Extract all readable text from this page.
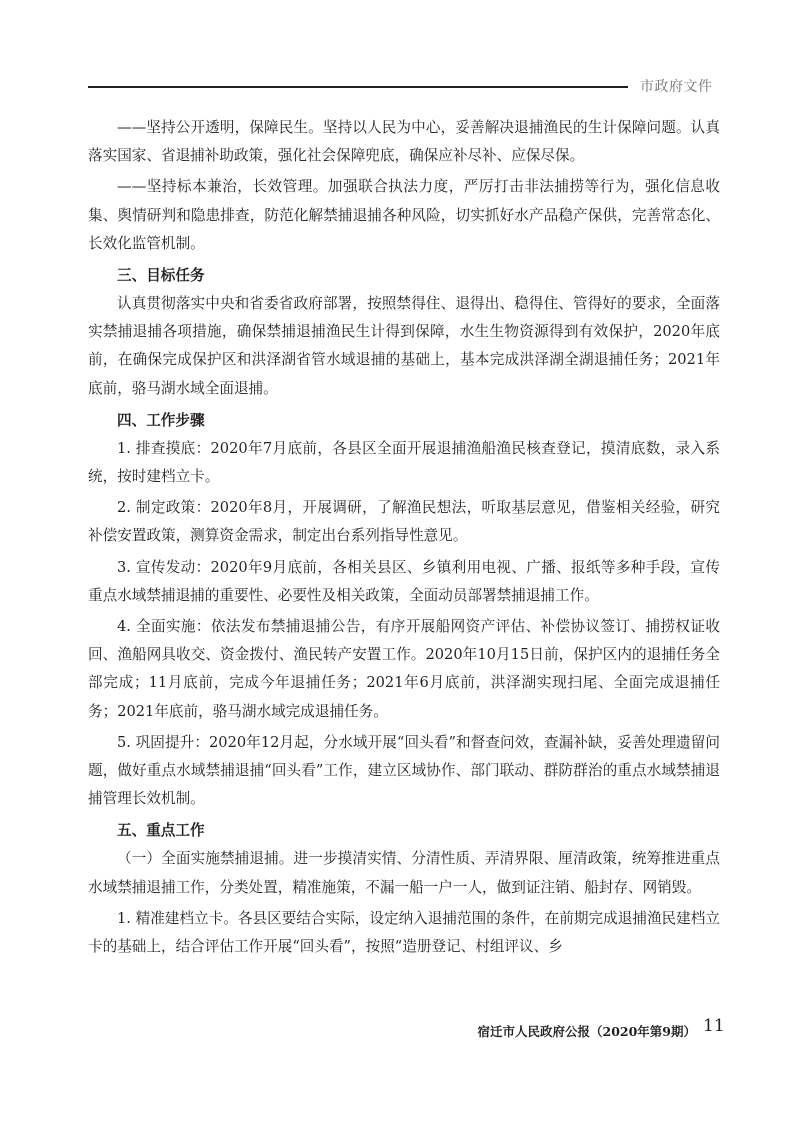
市政府文件

——坚持公开透明，保障民生。坚持以人民为中心，妥善解决退捕渔民的生计保障问题。认真落实国家、省退捕补助政策，强化社会保障兜底，确保应补尽补、应保尽保。

——坚持标本兼治，长效管理。加强联合执法力度，严厉打击非法捕捞等行为，强化信息收集、舆情研判和隐患排查，防范化解禁捕退捕各种风险，切实抓好水产品稳产保供，完善常态化、长效化监管机制。

三、目标任务

认真贯彻落实中央和省委省政府部署，按照禁得住、退得出、稳得住、管得好的要求，全面落实禁捕退捕各项措施，确保禁捕退捕渔民生计得到保障，水生生物资源得到有效保护，2020年底前，在确保完成保护区和洪泽湖省管水域退捕的基础上，基本完成洪泽湖全湖退捕任务；2021年底前，骆马湖水域全面退捕。

四、工作步骤

1. 排查摸底：2020年7月底前，各县区全面开展退捕渔船渔民核查登记，摸清底数，录入系统，按时建档立卡。

2. 制定政策：2020年8月，开展调研，了解渔民想法，听取基层意见，借鉴相关经验，研究补偿安置政策，测算资金需求，制定出台系列指导性意见。

3. 宣传发动：2020年9月底前，各相关县区、乡镇利用电视、广播、报纸等多种手段，宣传重点水域禁捕退捕的重要性、必要性及相关政策，全面动员部署禁捕退捕工作。

4. 全面实施：依法发布禁捕退捕公告，有序开展船网资产评估、补偿协议签订、捕捞权证收回、渔船网具收交、资金拨付、渔民转产安置工作。2020年10月15日前，保护区内的退捕任务全部完成；11月底前，完成今年退捕任务；2021年6月底前，洪泽湖实现扫尾、全面完成退捕任务；2021年底前，骆马湖水域完成退捕任务。

5. 巩固提升：2020年12月起，分水域开展“回头看”和督查问效，查漏补缺，妥善处理遗留问题，做好重点水域禁捕退捕“回头看”工作，建立区域协作、部门联动、群防群治的重点水域禁捕退捕管理长效机制。

五、重点工作

（一）全面实施禁捕退捕。进一步摸清实情、分清性质、弄清界限、厘清政策，统筹推进重点水域禁捕退捕工作，分类处置，精准施策，不漏一船一户一人，做到证注销、船封存、网销毁。

1. 精准建档立卡。各县区要结合实际，设定纳入退捕范围的条件，在前期完成退捕渔民建档立卡的基础上，结合评估工作开展“回头看”，按照“造册登记、村组评议、乡

宿迁市人民政府公报（2020年第9期） 11
